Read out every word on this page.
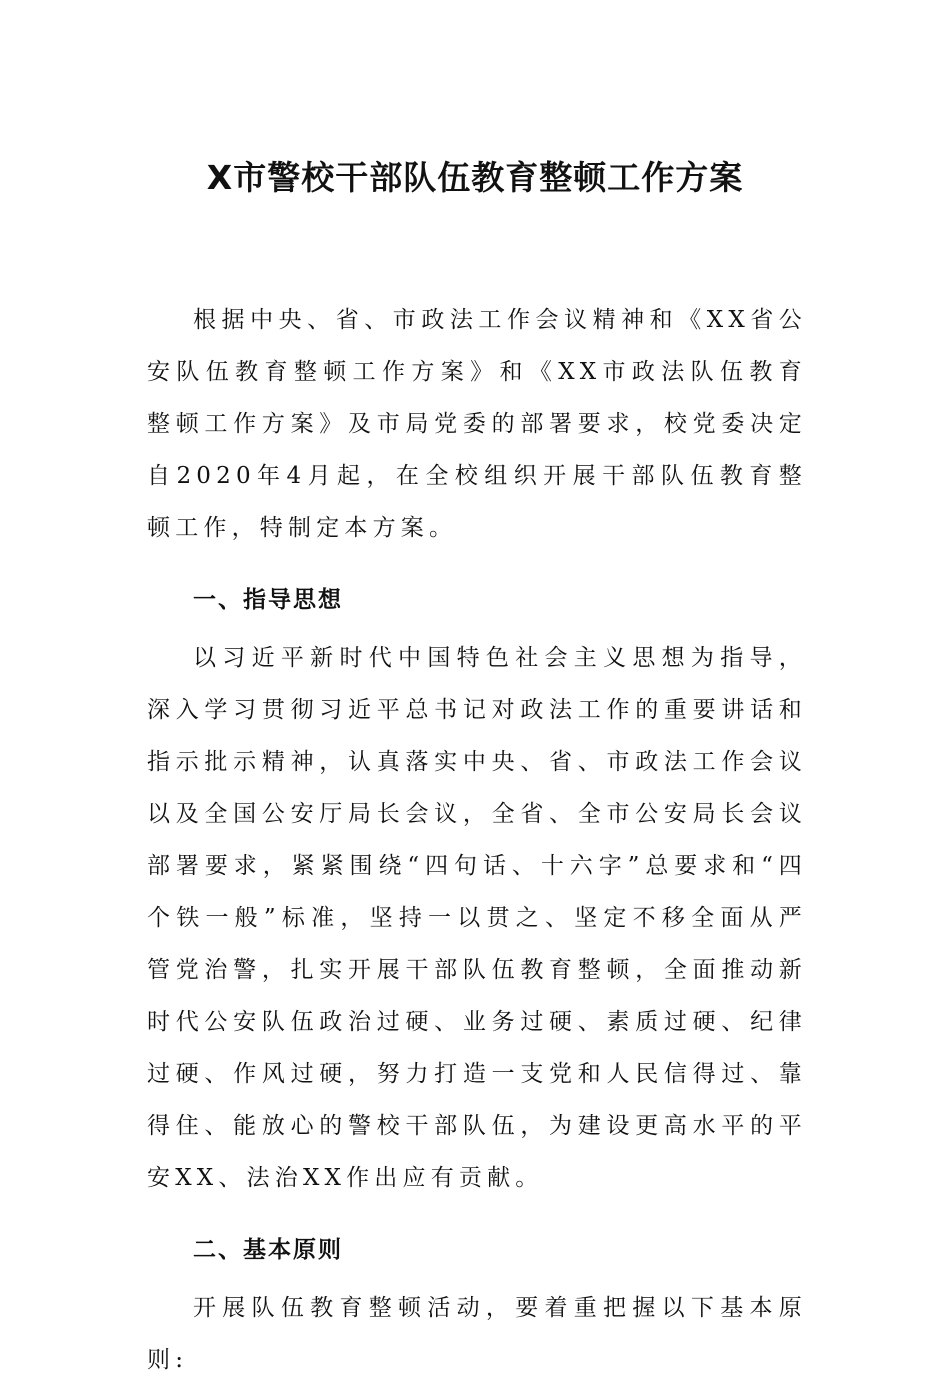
X市警校干部队伍教育整顿工作方案

根据中央、省、市政法工作会议精神和《XX省公安队伍教育整顿工作方案》和《XX市政法队伍教育整顿工作方案》及市局党委的部署要求，校党委决定自2020年4月起，在全校组织开展干部队伍教育整顿工作，特制定本方案。

一、指导思想

以习近平新时代中国特色社会主义思想为指导，深入学习贯彻习近平总书记对政法工作的重要讲话和指示批示精神，认真落实中央、省、市政法工作会议以及全国公安厅局长会议，全省、全市公安局长会议部署要求，紧紧围绕“四句话、十六字”总要求和“四个铁一般”标准，坚持一以贯之、坚定不移全面从严管党治警，扎实开展干部队伍教育整顿，全面推动新时代公安队伍政治过硬、业务过硬、素质过硬、纪律过硬、作风过硬，努力打造一支党和人民信得过、靠得住、能放心的警校干部队伍，为建设更高水平的平安XX、法治XX作出应有贡献。

二、基本原则

开展队伍教育整顿活动，要着重把握以下基本原则:
